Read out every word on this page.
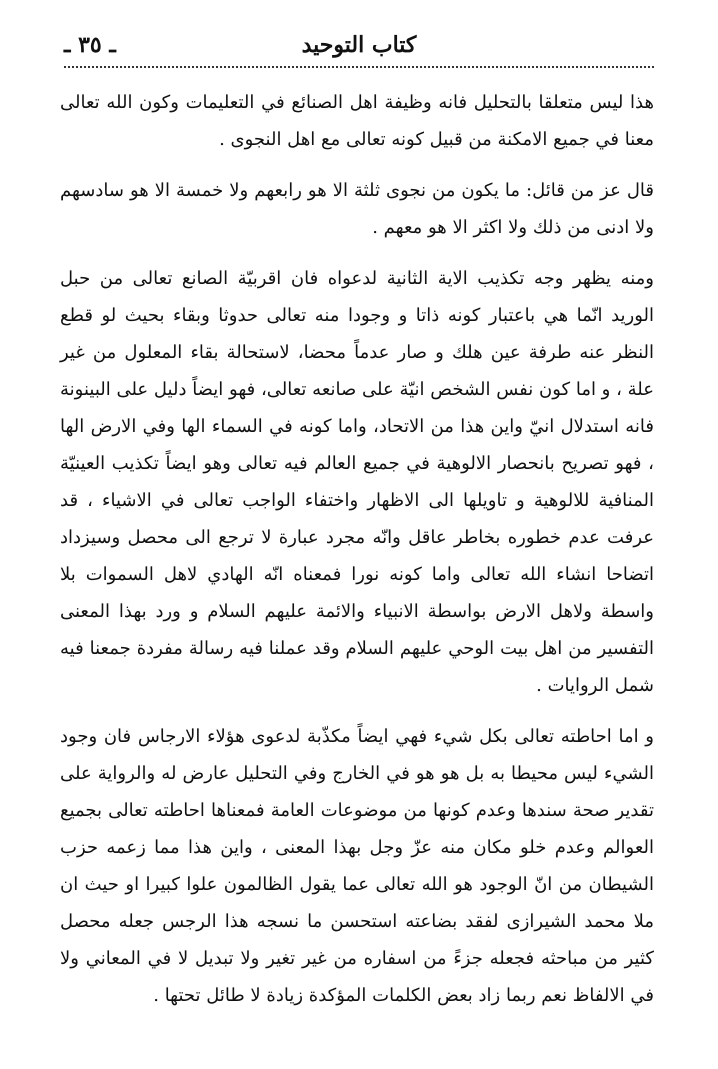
كتاب التوحيد
ـ ٣٥ ـ

هذا ليس متعلقا بالتحليل فانه وظيفة اهل الصنائع في التعليمات وكون الله تعالى معنا في جميع الامكنة من قبيل كونه تعالى مع اهل النجوى .

قال عز من قائل: ما يكون من نجوى ثلثة الا هو رابعهم ولا خمسة الا هو سادسهم ولا ادنى من ذلك ولا اكثر الا هو معهم .

ومنه يظهر وجه تكذيب الاية الثانية لدعواه فان اقربيّة الصانع تعالى من حبل الوريد انّما هي باعتبار كونه ذاتا و وجودا منه تعالى حدوثا وبقاء بحيث لو قطع النظر عنه طرفة عين هلك و صار عدماً محضا، لاستحالة بقاء المعلول من غير علة ، و اما كون نفس الشخص انيّة على صانعه تعالى، فهو ايضاً دليل على البينونة فانه استدلال انيّ واين هذا من الاتحاد، واما كونه في السماء الها وفي الارض الها ، فهو تصريح بانحصار الالوهية في جميع العالم فيه تعالى وهو ايضاً تكذيب العينيّة المنافية للالوهية و تاويلها الى الاظهار واختفاء الواجب تعالى في الاشياء ، قد عرفت عدم خطوره بخاطر عاقل وانّه مجرد عبارة لا ترجع الى محصل وسيزداد اتضاحا انشاء الله تعالى واما كونه نورا فمعناه انّه الهادي لاهل السموات بلا واسطة ولاهل الارض بواسطة الانبياء والائمة عليهم السلام و ورد بهذا المعنى التفسير من اهل بيت الوحي عليهم السلام وقد عملنا فيه رسالة مفردة جمعنا فيه شمل الروايات .

و اما احاطته تعالى بكل شيء فهي ايضاً مكذّبة لدعوى هؤلاء الارجاس فان وجود الشيء ليس محيطا به بل هو هو في الخارج وفي التحليل عارض له والرواية على تقدير صحة سندها وعدم كونها من موضوعات العامة فمعناها احاطته تعالى بجميع العوالم وعدم خلو مكان منه عزّ وجل بهذا المعنى ، واين هذا مما زعمه حزب الشيطان من انّ الوجود هو الله تعالى عما يقول الظالمون علوا كبيرا او حيث ان ملا محمد الشيرازى لفقد بضاعته استحسن ما نسجه هذا الرجس جعله محصل كثير من مباحثه فجعله جزءً من اسفاره من غير تغير ولا تبديل لا في المعاني ولا في الالفاظ نعم ربما زاد بعض الكلمات المؤكدة زيادة لا طائل تحتها .
